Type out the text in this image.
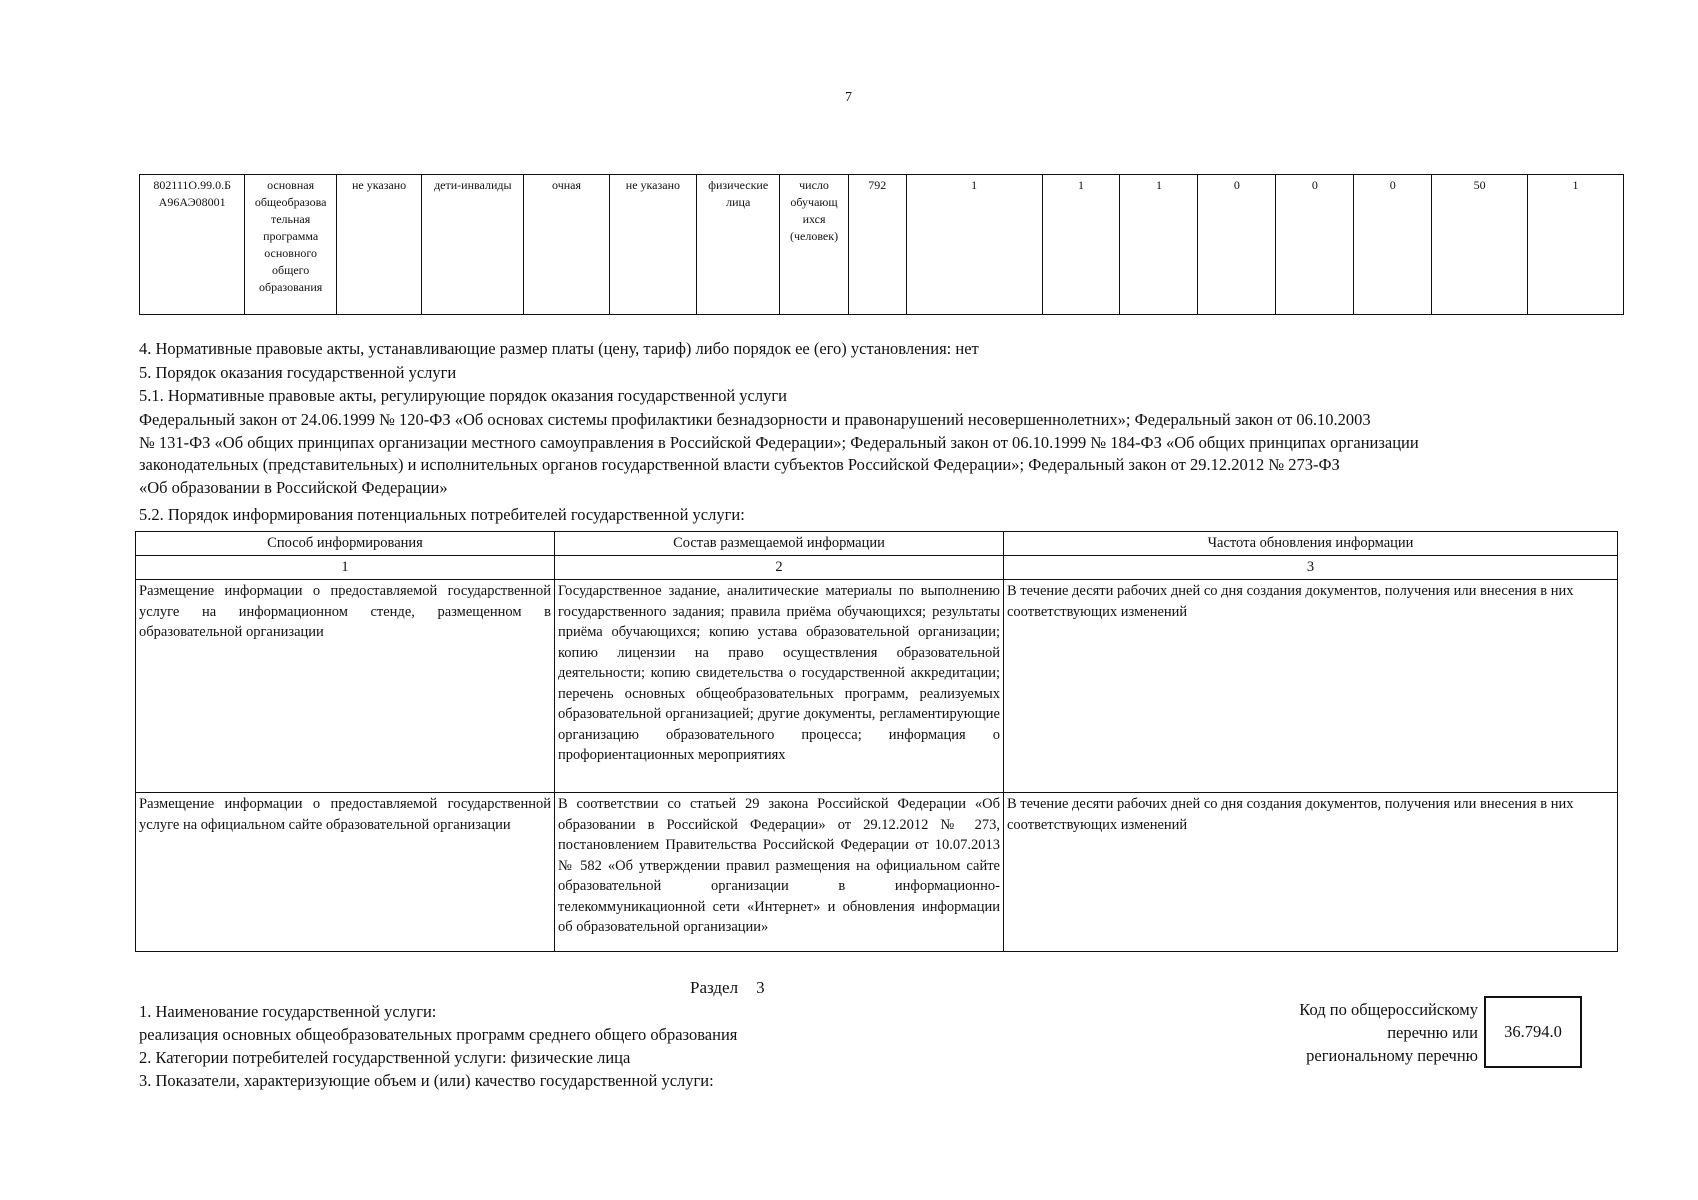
7
802111О.99.0.Б А96АЭ08001	основная общеобразова тельная программа основного общего образования	не указано	дети-инвалиды	очная	не указано	физические лица	число обучающ ихся (человек)	792	1	1	1	0	0	0	50	1
4. Нормативные правовые акты, устанавливающие размер платы (цену, тариф) либо порядок ее (его) установления: нет
5. Порядок оказания государственной услуги
5.1. Нормативные правовые акты, регулирующие порядок оказания государственной услуги
Федеральный закон от 24.06.1999 № 120-ФЗ «Об основах системы профилактики безнадзорности и правонарушений несовершеннолетних»; Федеральный закон от 06.10.2003
№ 131-ФЗ «Об общих принципах организации местного самоуправления в Российской Федерации»; Федеральный закон от 06.10.1999 № 184-ФЗ «Об общих принципах организации
законодательных (представительных) и исполнительных органов государственной власти субъектов Российской Федерации»; Федеральный закон от 29.12.2012 № 273-ФЗ
«Об образовании в Российской Федерации»
5.2. Порядок информирования потенциальных потребителей государственной услуги:
Способ информирования	Состав размещаемой информации	Частота обновления информации
1	2	3
Размещение информации о предоставляемой государственной услуге на информационном стенде, размещенном в образовательной организации	Государственное задание, аналитические материалы по выполнению государственного задания; правила приёма обучающихся; результаты приёма обучающихся; копию устава образовательной организации; копию лицензии на право осуществления образовательной деятельности; копию свидетельства о государственной аккредитации; перечень основных общеобразовательных программ, реализуемых образовательной организацией; другие документы, регламентирующие организацию образовательного процесса; информация о профориентационных мероприятиях	В течение десяти рабочих дней со дня создания документов, получения или внесения в них соответствующих изменений
Размещение информации о предоставляемой государственной услуге на официальном сайте образовательной организации	В соответствии со статьей 29 закона Российской Федерации «Об образовании в Российской Федерации» от 29.12.2012 № 273, постановлением Правительства Российской Федерации от 10.07.2013 № 582 «Об утверждении правил размещения на официальном сайте образовательной организации в информационно-телекоммуникационной сети «Интернет» и обновления информации об образовательной организации»	В течение десяти рабочих дней со дня создания документов, получения или внесения в них соответствующих изменений
Раздел 3
1. Наименование государственной услуги:
реализация основных общеобразовательных программ среднего общего образования
2. Категории потребителей государственной услуги: физические лица
3. Показатели, характеризующие объем и (или) качество государственной услуги:
Код по общероссийскому
перечню или
региональному перечню
36.794.0
